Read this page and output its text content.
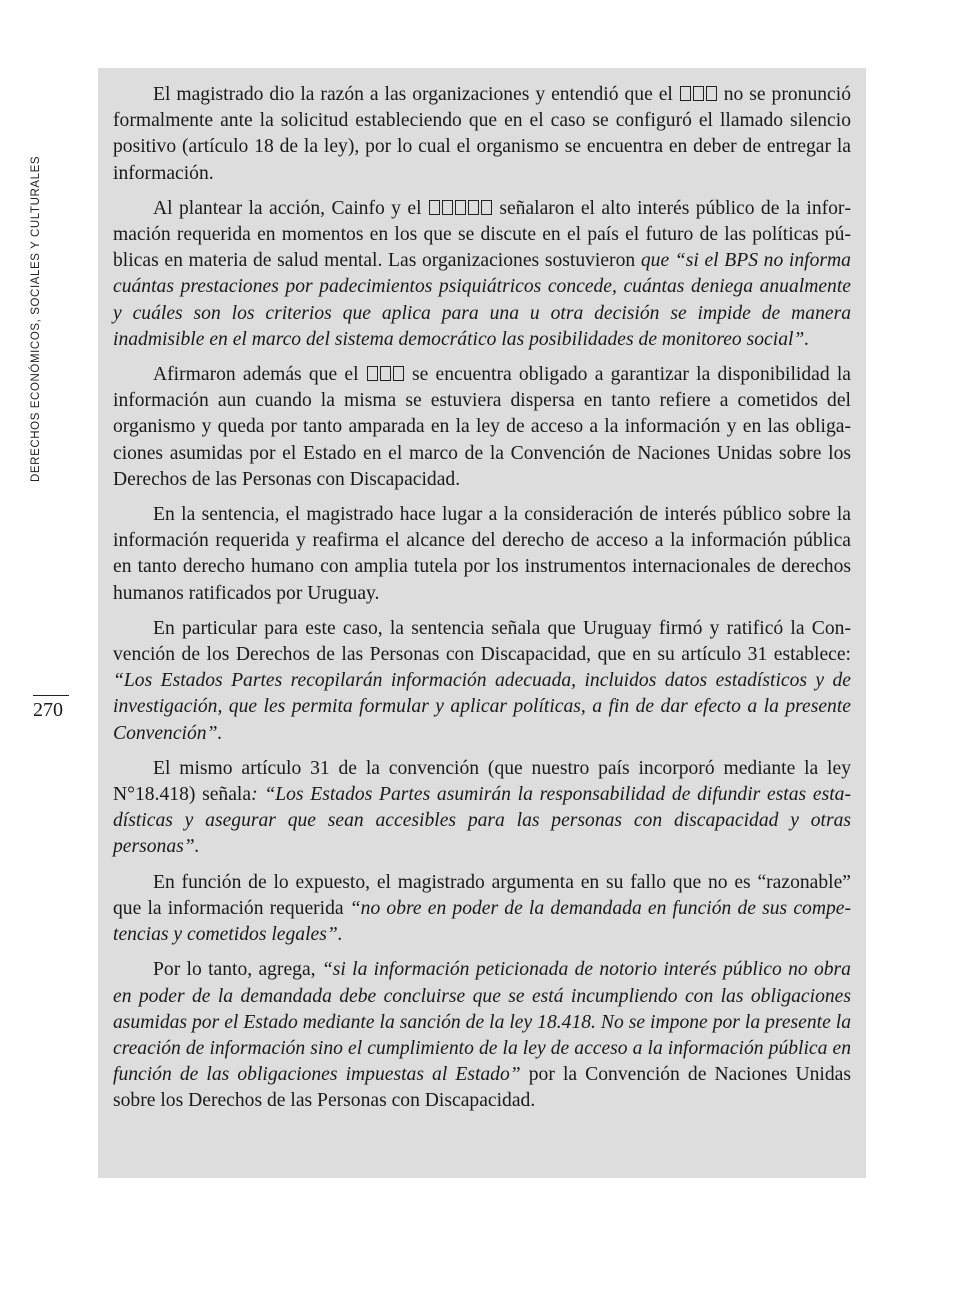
DERECHOS ECONÓMICOS, SOCIALES Y CULTURALES
270

El magistrado dio la razón a las organizaciones y entendió que el  no se pronunció formalmente ante la solicitud estableciendo que en el caso se configuró el llamado silencio positivo (artículo 18 de la ley), por lo cual el organismo se encuentra en deber de entregar la información.

Al plantear la acción, Cainfo y el	señalaron el alto interés público de la información requerida en momentos en los que se discute en el país el futuro de las políticas públicas en materia de salud mental. Las organizaciones sostuvieron que “si el BPS no informa cuántas prestaciones por padecimientos psiquiátricos concede, cuántas deniega anualmente y cuáles son los criterios que aplica para una u otra decisión se impide de manera inadmisible en el marco del sistema democrático las posibilidades de monitoreo social”.

Afirmaron además que el  se encuentra obligado a garantizar la disponibilidad la información aun cuando la misma se estuviera dispersa en tanto refiere a cometidos del organismo y queda por tanto amparada en la ley de acceso a la información y en las obligaciones asumidas por el Estado en el marco de la Convención de Naciones Unidas sobre los Derechos de las Personas con Discapacidad.

En la sentencia, el magistrado hace lugar a la consideración de interés público sobre la información requerida y reafirma el alcance del derecho de acceso a la información pública en tanto derecho humano con amplia tutela por los instrumentos internacionales de derechos humanos ratificados por Uruguay.

En particular para este caso, la sentencia señala que Uruguay firmó y ratificó la Convención de los Derechos de las Personas con Discapacidad, que en su artículo 31 establece: “Los Estados Partes recopilarán información adecuada, incluidos datos estadísticos y de investigación, que les permita formular y aplicar políticas, a fin de dar efecto a la presente Convención”.

El mismo artículo 31 de la convención (que nuestro país incorporó mediante la ley N°18.418) señala: “Los Estados Partes asumirán la responsabilidad de difundir estas estadísticas y asegurar que sean accesibles para las personas con discapacidad y otras personas”.

En función de lo expuesto, el magistrado argumenta en su fallo que no es “razonable” que la información requerida “no obre en poder de la demandada en función de sus competencias y cometidos legales”.

Por lo tanto, agrega, “si la información peticionada de notorio interés público no obra en poder de la demandada debe concluirse que se está incumpliendo con las obligaciones asumidas por el Estado mediante la sanción de la ley 18.418. No se impone por la presente la creación de información sino el cumplimiento de la ley de acceso a la información pública en función de las obligaciones impuestas al Estado” por la Convención de Naciones Unidas sobre los Derechos de las Personas con Discapacidad.
